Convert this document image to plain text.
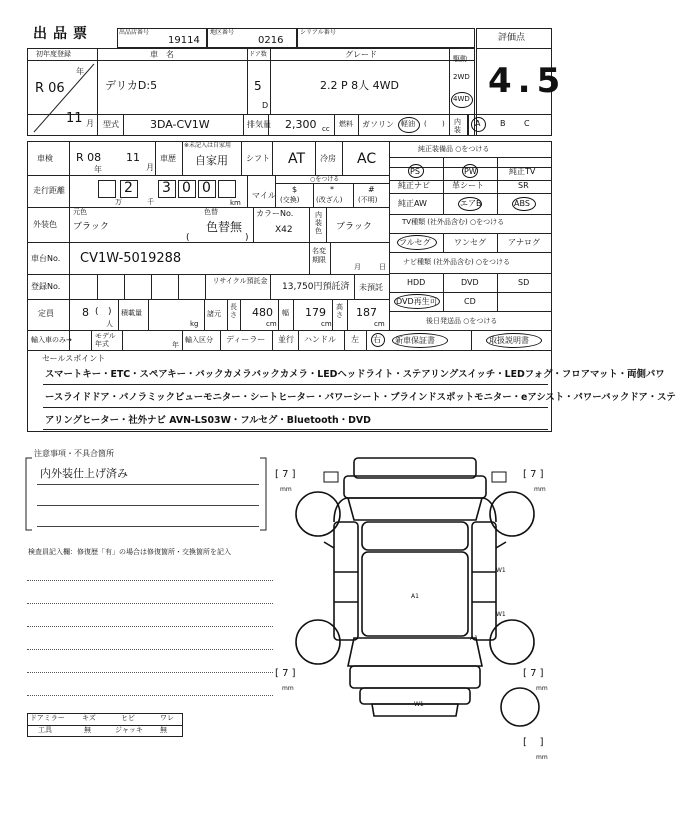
出品票	出品店番号
19114
地区番号
0216
シリアル番号
評価点
4.5
初年度登録
R 06
年
11 月
車　名
デリカD:5
ドア数
5
D
グレード
2.2 P 8人 4WD
駆動
2WD
4WD
型式	3DA-CV1W	排気量 2,300 cc
燃料 ガソリン 軽油 ( ) 内装
A B C
車検 R 08
年
11
月
車歴
※未記入は自家用
自家用 シフト AT 冷房 AC
走行距離	2
万
3
千
0 0
km
マイル
○をつける
$
(交換)
*
(改ざん)
#
(不明)
外装色
元色
ブラック
色替
色替無
(	)
カラーNo.
X42
内装色 ブラック
車台No. CV1W-5019288	名変期限
月	日
登録No.
リサイクル預託金
13,750円預託済 未預託
定員	8 ( )
人
積載量
kg
諸元
長さ 480
cm
幅 179
cm
高さ 187
cm
輸入車のみ→	モデル年式	年
輸入区分 ディーラー 並行 ハンドル 左 右
純正装備品 ○をつける
PS	PW	純正TV
純正ナビ	革シート	SR
純正AW	エアB	ABS
TV種類 (社外品含む) ○をつける
フルセグ	ワンセグ	アナログ
ナビ種類 (社外品含む) ○をつける
HDD	DVD	SD
DVD再生可	CD
後日発送品 ○をつける
新車保証書	取扱説明書
セールスポイント
スマートキー・ETC・スペアキー・バックカメラバックカメラ・LEDヘッドライト・ステアリングスイッチ・LEDフォグ・フロアマット・両側パワ
ースライドドア・パノラミックビューモニター・シートヒーター・パワーシート・ブラインドスポットモニター・eアシスト・パワーバックドア・ステ
アリングヒーター・社外ナビ AVN-LS03W・フルセグ・Bluetooth・DVD
注意事項・不具合箇所
内外装仕上げ済み
検査員記入欄：修復歴「有」の場合は修復箇所・交換箇所を記入
ドアミラー キズ	ヒビ	ワレ
工具	無	ジャッキ 無
[ 7 ]
mm
[ 7 ]
mm
[ 7 ]
mm
[ 7 ]
mm
[    ]
mm
A1
W1
A1
W1
W1
